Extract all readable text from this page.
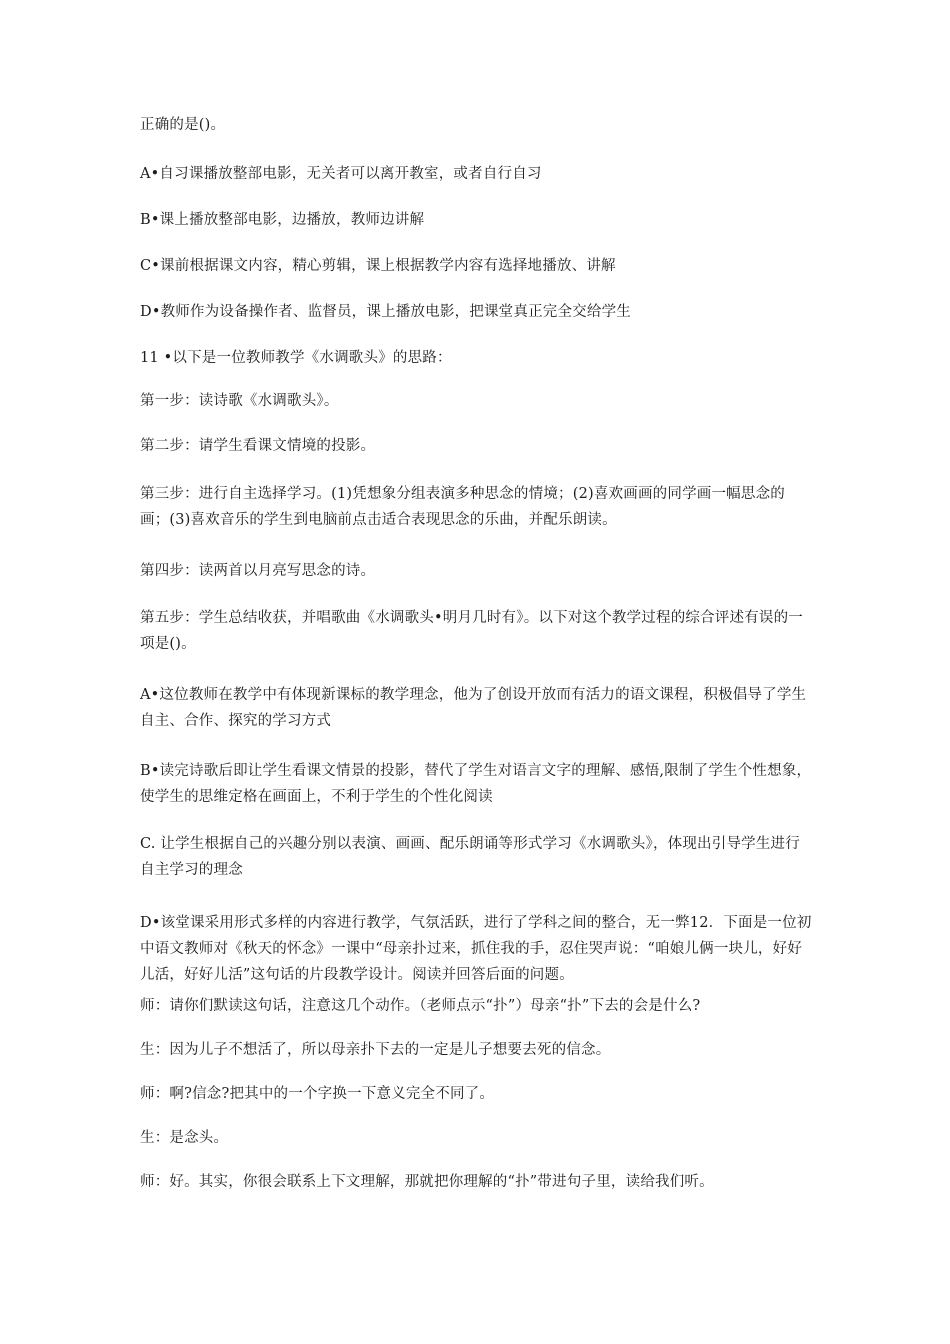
正确的是()。

A•自习课播放整部电影，无关者可以离开教室，或者自行自习

B•课上播放整部电影，边播放，教师边讲解

C•课前根据课文内容，精心剪辑，课上根据教学内容有选择地播放、讲解

D•教师作为设备操作者、监督员，课上播放电影，把课堂真正完全交给学生

11 •以下是一位教师教学《水调歌头》的思路：

第一步：读诗歌《水调歌头》。

第二步：请学生看课文情境的投影。

第三步：进行自主选择学习。(1)凭想象分组表演多种思念的情境；(2)喜欢画画的同学画一幅思念的画；(3)喜欢音乐的学生到电脑前点击适合表现思念的乐曲，并配乐朗读。

第四步：读两首以月亮写思念的诗。

第五步：学生总结收获，并唱歌曲《水调歌头•明月几时有》。以下对这个教学过程的综合评述有误的一项是()。

A•这位教师在教学中有体现新课标的教学理念，他为了创设开放而有活力的语文课程，积极倡导了学生自主、合作、探究的学习方式

B•读完诗歌后即让学生看课文情景的投影，替代了学生对语言文字的理解、感悟,限制了学生个性想象，使学生的思维定格在画面上，不利于学生的个性化阅读

C. 让学生根据自己的兴趣分别以表演、画画、配乐朗诵等形式学习《水调歌头》，体现出引导学生进行自主学习的理念

D•该堂课采用形式多样的内容进行教学，气氛活跃，进行了学科之间的整合，无一弊12．下面是一位初中语文教师对《秋天的怀念》一课中“母亲扑过来，抓住我的手，忍住哭声说：“咱娘儿俩一块儿，好好儿活，好好儿活”这句话的片段教学设计。阅读并回答后面的问题。

师：请你们默读这句话，注意这几个动作。（老师点示“扑”）母亲“扑”下去的会是什么?

生：因为儿子不想活了，所以母亲扑下去的一定是儿子想要去死的信念。

师：啊?信念?把其中的一个字换一下意义完全不同了。

生：是念头。

师：好。其实，你很会联系上下文理解，那就把你理解的“扑”带进句子里，读给我们听。
